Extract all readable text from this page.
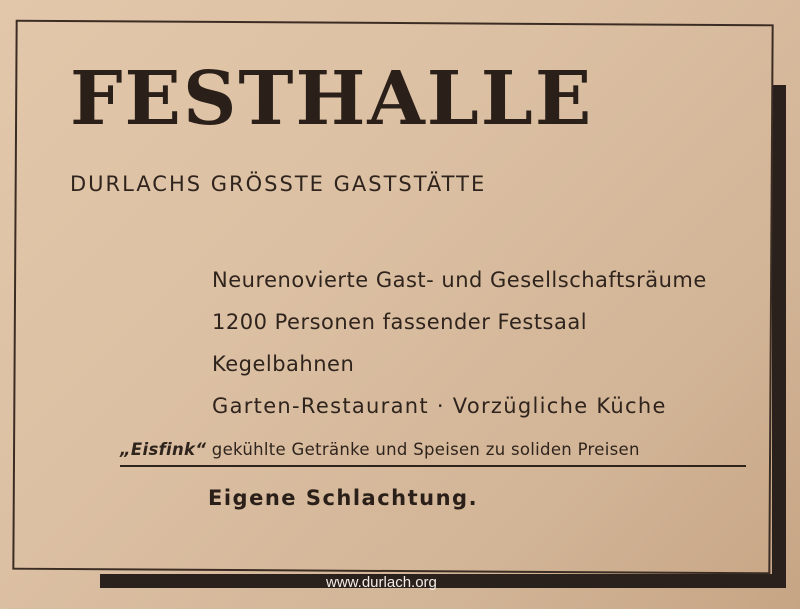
FESTHALLE

DURLACHS GRÖSSTE GASTSTÄTTE

Neurenovierte Gast- und Gesellschaftsräume

1200 Personen fassender Festsaal

Kegelbahnen

Garten-Restaurant · Vorzügliche Küche

„Eisfink“ gekühlte Getränke und Speisen zu soliden Preisen

Eigene Schlachtung.

www.durlach.org
